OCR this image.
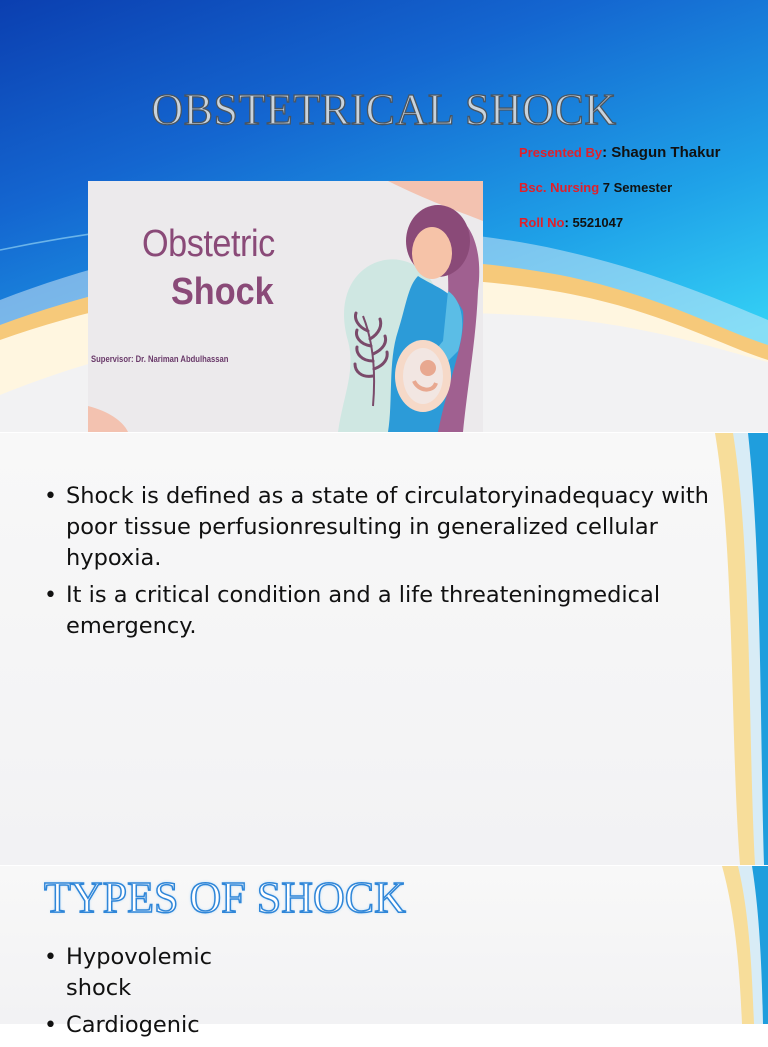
OBSTETRICAL SHOCK
Presented By: Shagun Thakur
Bsc. Nursing 7 Semester
Roll No: 5521047
Obstetric
Shock
Supervisor: Dr. Nariman Abdulhassan
• Shock is defined as a state of circulatoryinadequacy with poor tissue perfusionresulting in generalized cellular hypoxia.
• It is a critical condition and a life threateningmedical emergency.
TYPES OF SHOCK
• Hypovolemic shock
• Cardiogenic
